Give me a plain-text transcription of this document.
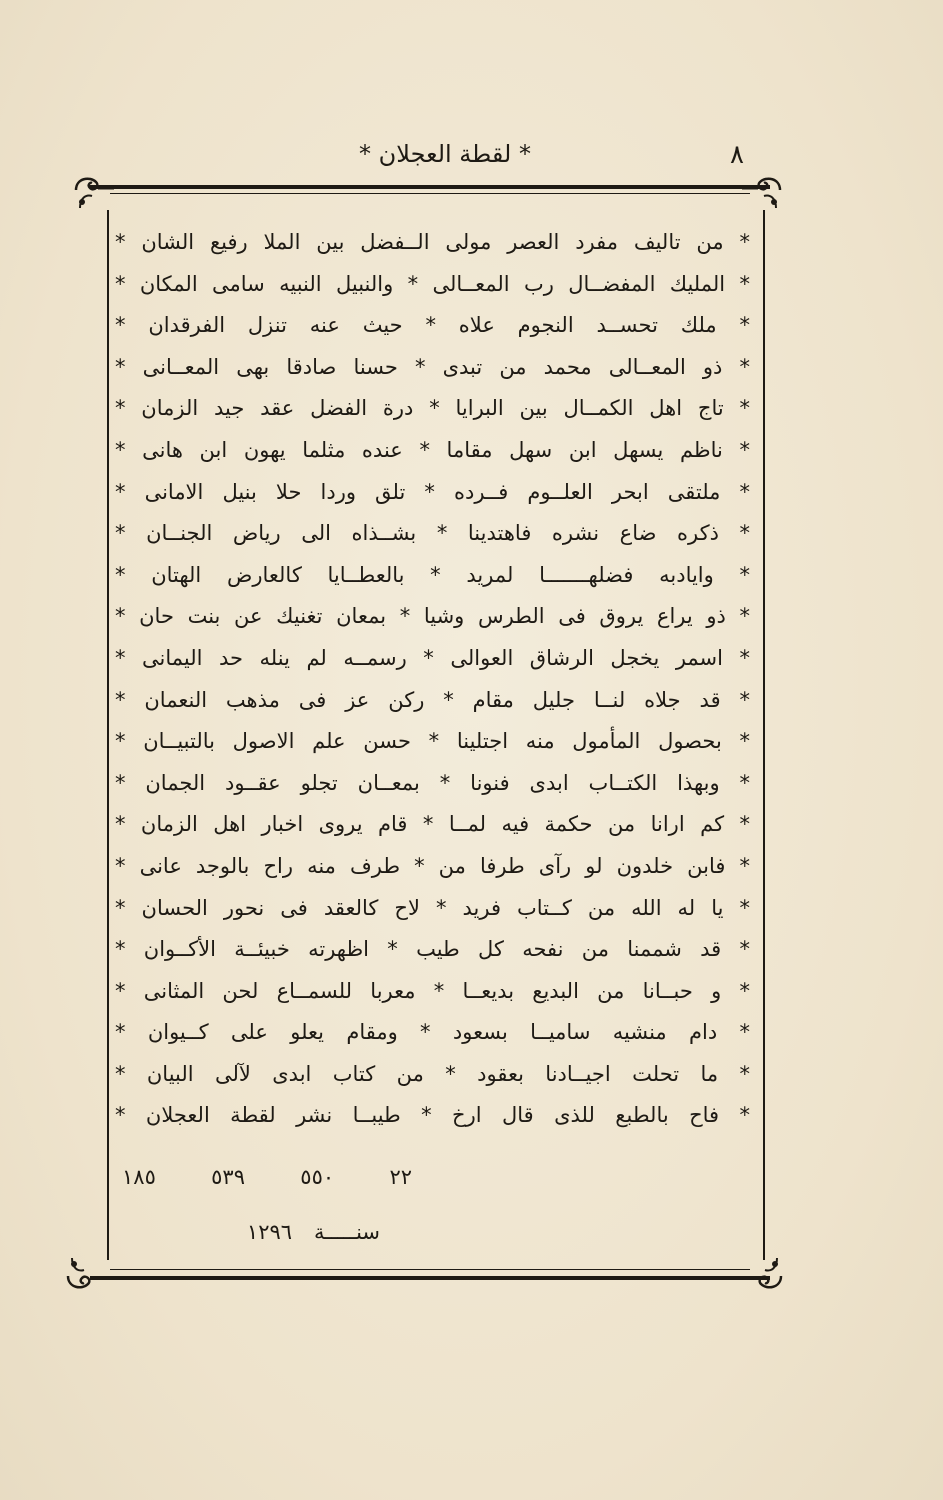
* لقطة العجلان *	٨
* من تاليف مفرد العصر مولى الــفضل بين الملا رفيع الشان *
* المليك المفضــال رب المعــالى * والنبيل النبيه سامى المكان *
* ملك تحســد النجوم علاه * حيث عنه تنزل الفرقدان *
* ذو المعــالى محمد من تبدى * حسنا صادقا بهى المعــانى *
* تاج اهل الكمــال بين البرايا * درة الفضل عقد جيد الزمان *
* ناظم يسهل ابن سهل مقاما * عنده مثلما يهون ابن هانى *
* ملتقى ابحر العلــوم فــرده * تلق وردا حلا بنيل الامانى *
* ذكره ضاع نشره فاهتدينا * بشــذاه الى رياض الجنــان *
* وايادبه فضلهـــــــا لمريد * بالعطــايا كالعارض الهتان *
* ذو يراع يروق فى الطرس وشيا * بمعان تغنيك عن بنت حان *
* اسمر يخجل الرشاق العوالى * رسمــه لم ينله حد اليمانى *
* قد جلاه لنــا جليل مقام * ركن عز فى مذهب النعمان *
* بحصول المأمول منه اجتلينا * حسن علم الاصول بالتبيــان *
* وبهذا الكتــاب ابدى فنونا * بمعــان تجلو عقــود الجمان *
* كم ارانا من حكمة فيه لمــا * قام يروى اخبار اهل الزمان *
* فابن خلدون لو رآى طرفا من * طرف منه راح بالوجد عانى *
* يا له الله من كــتاب فريد * لاح كالعقد فى نحور الحسان *
* قد شممنا من نفحه كل طيب * اظهرته خبيئــة الأكــوان *
* و حبــانا من البديع بديعــا * معربا للسمــاع لحن المثانى *
* دام منشيه ساميــا بسعود * ومقام يعلو على كــيوان *
* ما تحلت اجيــادنا بعقود * من كتاب ابدى لآلى البيان *
* فاح بالطبع للذى قال ارخ * طيبــا نشر لقطة العجلان *
٢٢
٥٥٠
٥٣٩
١٨٥
سنـــــة
١٢٩٦
